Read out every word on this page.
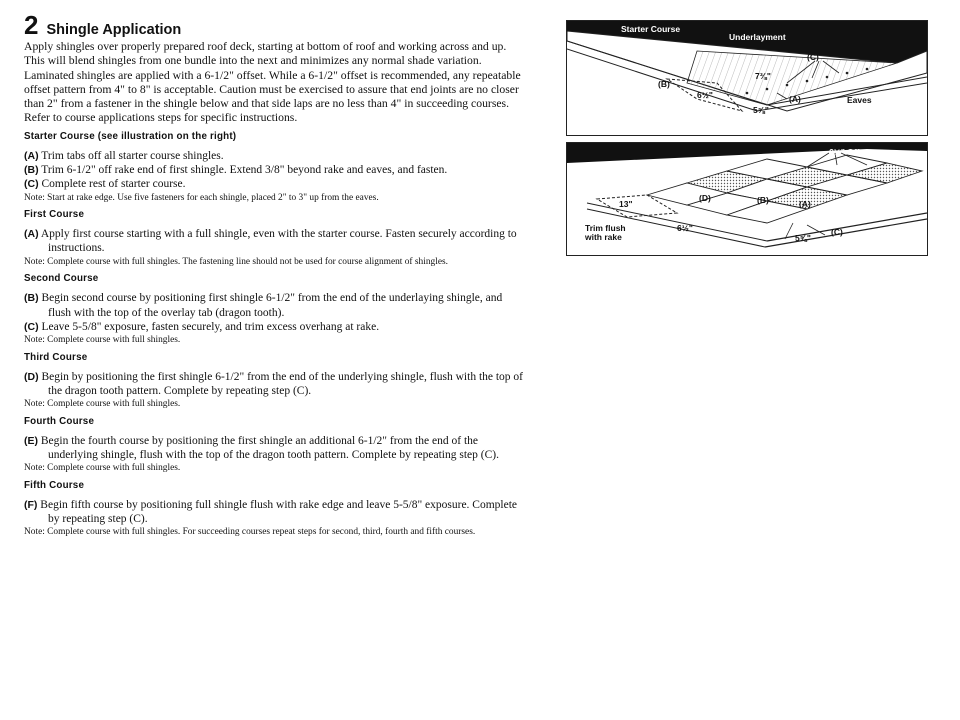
2 Shingle Application

Apply shingles over properly prepared roof deck, starting at bottom of roof and working across and up. This will blend shingles from one bundle into the next and minimizes any normal shade variation. Laminated shingles are applied with a 6-1/2" offset. While a 6-1/2" offset is recommended, any repeatable offset pattern from 4" to 8" is acceptable. Caution must be exercised to assure that end joints are no closer than 2" from a fastener in the shingle below and that side laps are no less than 4" in succeeding courses. Refer to course applications steps for specific instructions.

Starter Course (see illustration on the right)

(A) Trim tabs off all starter course shingles.

(B) Trim 6-1/2" off rake end of first shingle. Extend 3/8" beyond rake and eaves, and fasten.

(C) Complete rest of starter course.

Note: Start at rake edge. Use five fasteners for each shingle, placed 2" to 3" up from the eaves.

First Course

(A) Apply first course starting with a full shingle, even with the starter course. Fasten securely according to instructions.

Note: Complete course with full shingles. The fastening line should not be used for course alignment of shingles.

Second Course

(B) Begin second course by positioning first shingle 6-1/2" from the end of the underlaying shingle, and flush with the top of the overlay tab (dragon tooth).

(C) Leave 5-5/8" exposure, fasten securely, and trim excess overhang at rake.

Note: Complete course with full shingles.

Third Course

(D) Begin by positioning the first shingle 6-1/2" from the end of the underlying shingle, flush with the top of the dragon tooth pattern. Complete by repeating step (C).

Note: Complete course with full shingles.

Fourth Course

(E) Begin the fourth course by positioning the first shingle an additional 6-1/2" from the end of the underlying shingle, flush with the top of the dragon tooth pattern. Complete by repeating step (C).

Note: Complete course with full shingles.

Fifth Course

(F) Begin fifth course by positioning full shingle flush with rake edge and leave 5-5/8" exposure. Complete by repeating step (C).

Note: Complete course with full shingles. For succeeding courses repeat steps for second, third, fourth and fifth courses.

Starter Course
Underlayment
(C)
7⅜"
(B)
6½"	(A)	Eaves
5⅝"
6½" Offsets
13"
(D)	(B)	(A)
Trim flush
with rake
6½"
5⅝"
(C)
